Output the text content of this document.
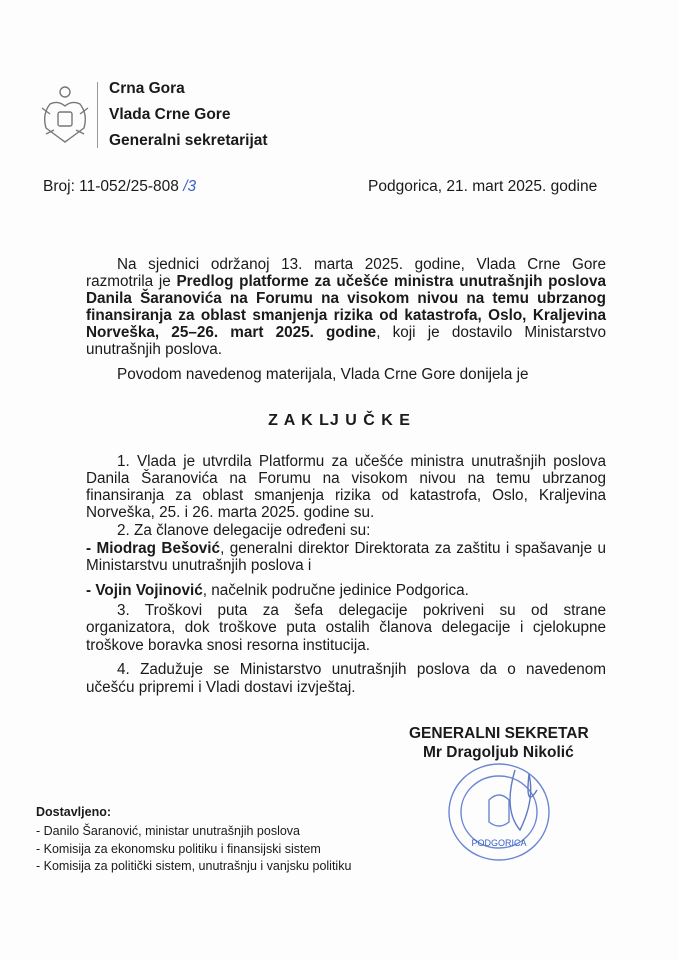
Crna Gora
Vlada Crne Gore
Generalni sekretarijat
Broj: 11-052/25-808 /3	Podgorica, 21. mart 2025. godine
Na sjednici održanoj 13. marta 2025. godine, Vlada Crne Gore
razmotrila je Predlog platforme za učešće ministra unutrašnjih poslova
Danila Šaranovića na Forumu na visokom nivou na temu ubrzanog
finansiranja za oblast smanjenja rizika od katastrofa, Oslo, Kraljevina
Norveška, 25–26. mart 2025. godine, koji je dostavilo Ministarstvo
unutrašnjih poslova.
Povodom navedenog materijala, Vlada Crne Gore donijela je
Z A K LJ U Č K E
1. Vlada je utvrdila Platformu za učešće ministra unutrašnjih poslova
Danila Šaranovića na Forumu na visokom nivou na temu ubrzanog
finansiranja za oblast smanjenja rizika od katastrofa, Oslo, Kraljevina
Norveška, 25. i 26. marta 2025. godine su.
2. Za članove delegacije određeni su:
- Miodrag Bešović, generalni direktor Direktorata za zaštitu i spašavanje u
Ministarstvu unutrašnjih poslova i
- Vojin Vojinović, načelnik područne jedinice Podgorica.
3. Troškovi puta za šefa delegacije pokriveni su od strane
organizatora, dok troškove puta ostalih članova delegacije i cjelokupne
troškove boravka snosi resorna institucija.
4. Zadužuje se Ministarstvo unutrašnjih poslova da o navedenom
učešću pripremi i Vladi dostavi izvještaj.
PODGORICA
GENERALNI SEKRETAR
Mr Dragoljub Nikolić
Dostavljeno:
- Danilo Šaranović, ministar unutrašnjih poslova
- Komisija za ekonomsku politiku i finansijski sistem
- Komisija za politički sistem, unutrašnju i vanjsku politiku
